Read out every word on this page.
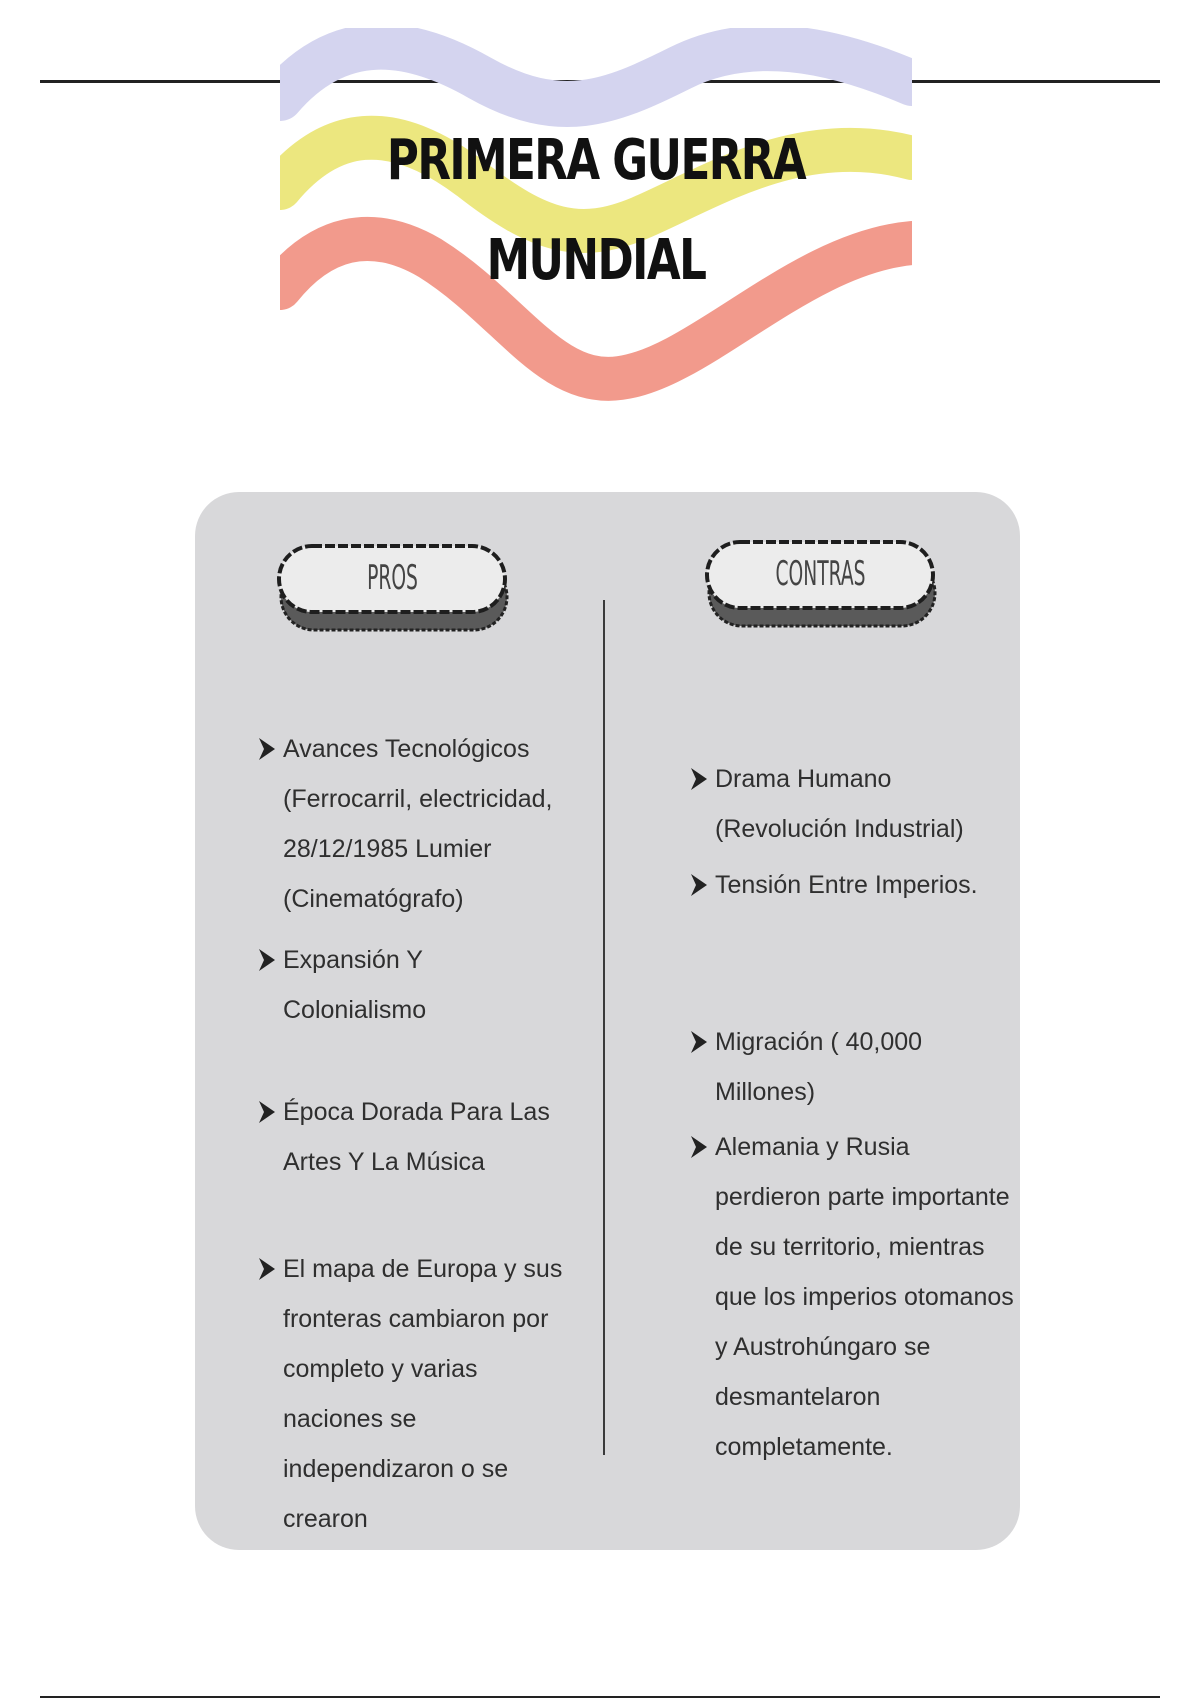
PRIMERA GUERRA
MUNDIAL
PROS	CONTRAS
Avances Tecnológicos (Ferrocarril, electricidad, 28/12/1985 Lumier (Cinematógrafo)
Expansión Y Colonialismo
Época Dorada Para Las Artes Y La Música
El mapa de Europa y sus fronteras cambiaron por completo y varias naciones se independizaron o se crearon
Drama Humano (Revolución Industrial)
Tensión Entre Imperios.
Migración ( 40,000 Millones)
Alemania y Rusia perdieron parte importante de su territorio, mientras que los imperios otomanos y Austrohúngaro se desmantelaron completamente.
